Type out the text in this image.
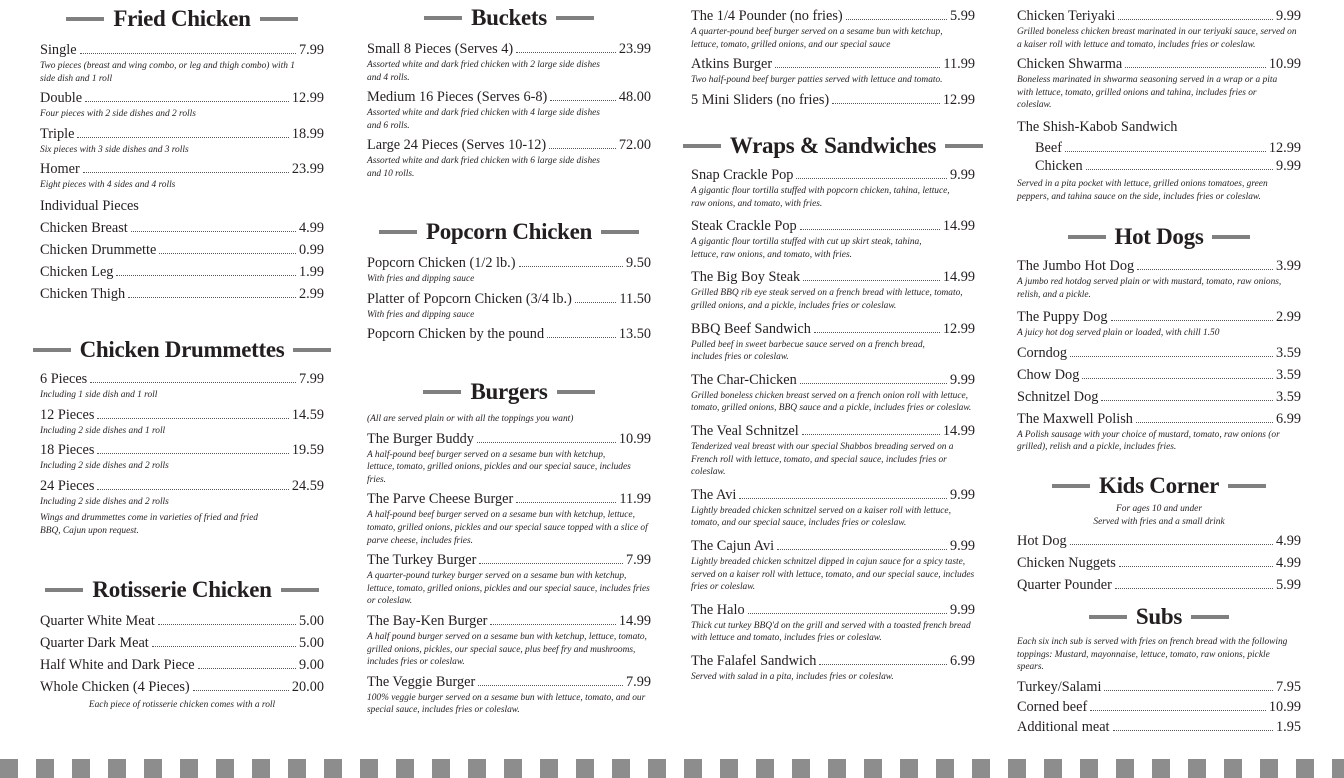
Fried Chicken
Single	7.99
Two pieces (breast and wing combo, or leg and thigh combo) with 1 side dish and 1 roll
Double	12.99
Four pieces with 2 side dishes and 2 rolls
Triple	18.99
Six pieces with 3 side dishes and 3 rolls
Homer	23.99
Eight pieces with 4 sides and 4 rolls
Individual Pieces
Chicken Breast	4.99
Chicken Drummette	0.99
Chicken Leg	1.99
Chicken Thigh	2.99
Chicken Drummettes
6 Pieces	7.99
Including 1 side dish and 1 roll
12 Pieces	14.59
Including 2 side dishes and 1 roll
18 Pieces	19.59
Including 2 side dishes and 2 rolls
24 Pieces	24.59
Including 2 side dishes and 2 rolls
Wings and drummettes come in varieties of fried and fried BBQ, Cajun upon request.
Rotisserie Chicken
Quarter White Meat	5.00
Quarter Dark Meat	5.00
Half White and Dark Piece	9.00
Whole Chicken (4 Pieces)	20.00
Each piece of rotisserie chicken comes with a roll
Buckets
Small 8 Pieces (Serves 4)	23.99
Assorted white and dark fried chicken with 2 large side dishes and 4 rolls.
Medium 16 Pieces (Serves 6-8)	48.00
Assorted white and dark fried chicken with 4 large side dishes and 6 rolls.
Large 24 Pieces (Serves 10-12)	72.00
Assorted white and dark fried chicken with 6 large side dishes and 10 rolls.
Popcorn Chicken
Popcorn Chicken (1/2 lb.)	9.50
With fries and dipping sauce
Platter of Popcorn Chicken (3/4 lb.)	11.50
With fries and dipping sauce
Popcorn Chicken by the pound	13.50
Burgers
(All are served plain or with all the toppings you want)
The Burger Buddy	10.99
A half-pound beef burger served on a sesame bun with ketchup, lettuce, tomato, grilled onions, pickles and our special sauce, includes fries.
The Parve Cheese Burger	11.99
A half-pound beef burger served on a sesame bun with ketchup, lettuce, tomato, grilled onions, pickles and our special sauce topped with a slice of parve cheese, includes fries.
The Turkey Burger	7.99
A quarter-pound turkey burger served on a sesame bun with ketchup, lettuce, tomato, grilled onions, pickles and our special sauce, includes fries or coleslaw.
The Bay-Ken Burger	14.99
A half pound burger served on a sesame bun with ketchup, lettuce, tomato, grilled onions, pickles, our special sauce, plus beef fry and mushrooms, includes fries or coleslaw.
The Veggie Burger	7.99
100% veggie burger served on a sesame bun with lettuce, tomato, and our special sauce, includes fries or coleslaw.
The 1/4 Pounder (no fries)	5.99
A quarter-pound beef burger served on a sesame bun with ketchup, lettuce, tomato, grilled onions, and our special sauce
Atkins Burger	11.99
Two half-pound beef burger patties served with lettuce and tomato.
5 Mini Sliders (no fries)	12.99
Wraps & Sandwiches
Snap Crackle Pop	9.99
A gigantic flour tortilla stuffed with popcorn chicken, tahina, lettuce, raw onions, and tomato, with fries.
Steak Crackle Pop	14.99
A gigantic flour tortilla stuffed with cut up skirt steak, tahina, lettuce, raw onions, and tomato, with fries.
The Big Boy Steak	14.99
Grilled BBQ rib eye steak served on a french bread with lettuce, tomato, grilled onions, and a pickle, includes fries or coleslaw.
BBQ Beef Sandwich	12.99
Pulled beef in sweet barbecue sauce served on a french bread, includes fries or coleslaw.
The Char-Chicken	9.99
Grilled boneless chicken breast served on a french onion roll with lettuce, tomato, grilled onions, BBQ sauce and a pickle, includes fries or coleslaw.
The Veal Schnitzel	14.99
Tenderized veal breast with our special Shabbos breading served on a French roll with lettuce, tomato, and special sauce, includes fries or coleslaw.
The Avi	9.99
Lightly breaded chicken schnitzel served on a kaiser roll with lettuce, tomato, and our special sauce, includes fries or coleslaw.
The Cajun Avi	9.99
Lightly breaded chicken schnitzel dipped in cajun sauce for a spicy taste, served on a kaiser roll with lettuce, tomato, and our special sauce, includes fries or coleslaw.
The Halo	9.99
Thick cut turkey BBQ'd on the grill and served with a toasted french bread with lettuce and tomato, includes fries or coleslaw.
The Falafel Sandwich	6.99
Served with salad in a pita, includes fries or coleslaw.
Chicken Teriyaki	9.99
Grilled boneless chicken breast marinated in our teriyaki sauce, served on a kaiser roll with lettuce and tomato, includes fries or coleslaw.
Chicken Shwarma	10.99
Boneless marinated in shwarma seasoning served in a wrap or a pita with lettuce, tomato, grilled onions and tahina, includes fries or coleslaw.
The Shish-Kabob Sandwich
Beef	12.99
Chicken	9.99
Served in a pita pocket with lettuce, grilled onions tomatoes, green peppers, and tahina sauce on the side, includes fries or coleslaw.
Hot Dogs
The Jumbo Hot Dog	3.99
A jumbo red hotdog served plain or with mustard, tomato, raw onions, relish, and a pickle.
The Puppy Dog	2.99
A juicy hot dog served plain or loaded, with chill 1.50
Corndog	3.59
Chow Dog	3.59
Schnitzel Dog	3.59
The Maxwell Polish	6.99
A Polish sausage with your choice of mustard, tomato, raw onions (or grilled), relish and a pickle, includes fries.
Kids Corner
For ages 10 and under
Served with fries and a small drink
Hot Dog	4.99
Chicken Nuggets	4.99
Quarter Pounder	5.99
Subs
Each six inch sub is served with fries on french bread with the following toppings: Mustard, mayonnaise, lettuce, tomato, raw onions, pickle spears.
Turkey/Salami	7.95
Corned beef	10.99
Additional meat	1.95
